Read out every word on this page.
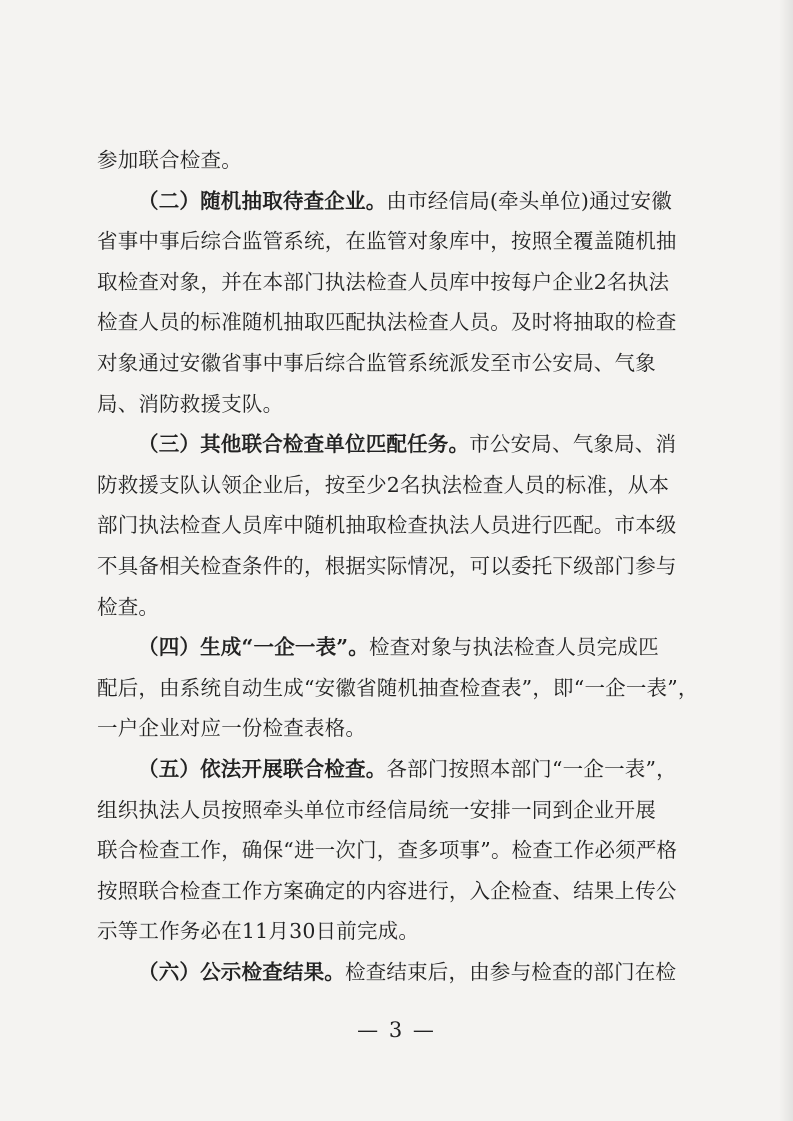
参加联合检查。
（二）随机抽取待查企业。由市经信局(牵头单位)通过安徽
省事中事后综合监管系统，在监管对象库中，按照全覆盖随机抽
取检查对象，并在本部门执法检查人员库中按每户企业2名执法
检查人员的标准随机抽取匹配执法检查人员。及时将抽取的检查
对象通过安徽省事中事后综合监管系统派发至市公安局、气象
局、消防救援支队。
（三）其他联合检查单位匹配任务。市公安局、气象局、消
防救援支队认领企业后，按至少2名执法检查人员的标准，从本
部门执法检查人员库中随机抽取检查执法人员进行匹配。市本级
不具备相关检查条件的，根据实际情况，可以委托下级部门参与
检查。
（四）生成“一企一表”。检查对象与执法检查人员完成匹
配后，由系统自动生成“安徽省随机抽查检查表”，即“一企一表”，
一户企业对应一份检查表格。
（五）依法开展联合检查。各部门按照本部门“一企一表”，
组织执法人员按照牵头单位市经信局统一安排一同到企业开展
联合检查工作，确保“进一次门，查多项事”。检查工作必须严格
按照联合检查工作方案确定的内容进行，入企检查、结果上传公
示等工作务必在11月30日前完成。
（六）公示检查结果。检查结束后，由参与检查的部门在检
— 3 —
